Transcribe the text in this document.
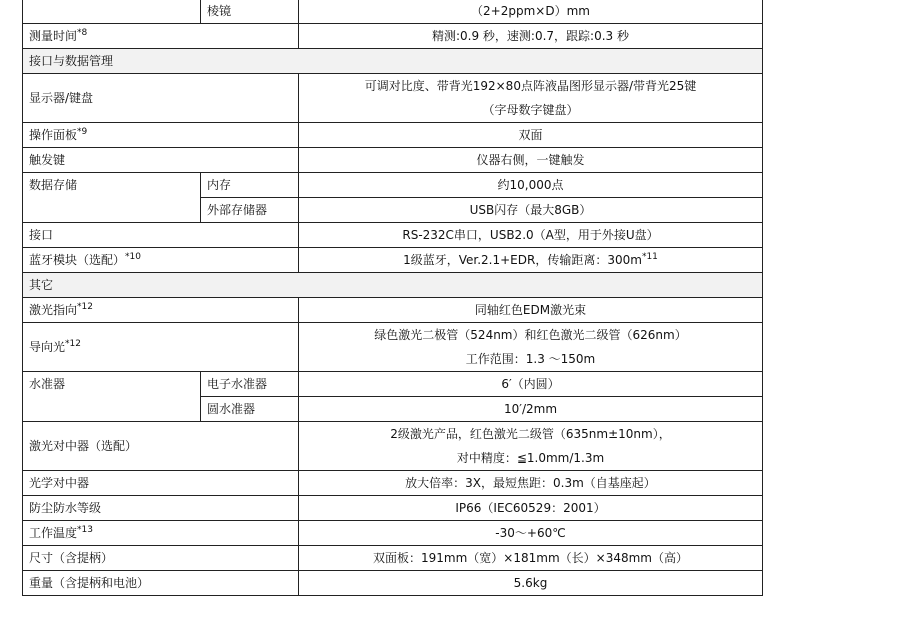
	棱镜	（2+2ppm×D）mm

测量时间$^{*8}$		精测:0.9 秒，速测:0.7，跟踪:0.3 秒

接口与数据管理		
显示器/键盘		可调对比度、带背光192×80点阵液晶图形显示器/带背光25键
（字母数字键盘）

操作面板$^{*9}$		双面

触发键		仪器右侧，一键触发

数据存储	内存	约10,000点
	外部存储器	USB闪存（最大8GB）
接口		RS-232C串口，USB2.0（A型，用于外接U盘）

蓝牙模块（选配）$^{*10}$		1级蓝牙，Ver.2.1+EDR，传输距离：$300m^{*11}$

其它		
激光指向$^{*12}$		同轴红色EDM激光束

导向光$^{*12}$		绿色激光二极管（524nm）和红色激光二级管（626nm）
工作范围：1.3 ～150m

水准器	电子水准器	6′（内圆）
	圆水准器	10′/2mm
激光对中器（选配）		2级激光产品，红色激光二级管（635nm±10nm），
对中精度：≦1.0mm/1.3m

光学对中器		放大倍率：3X，最短焦距：0.3m（自基座起）

防尘防水等级		IP66（IEC60529：2001）

工作温度$^{*13}$		-30～+60℃

尺寸（含提柄）		双面板：191mm（宽）×181mm（长）×348mm（高）

重量（含提柄和电池）		5.6kg
